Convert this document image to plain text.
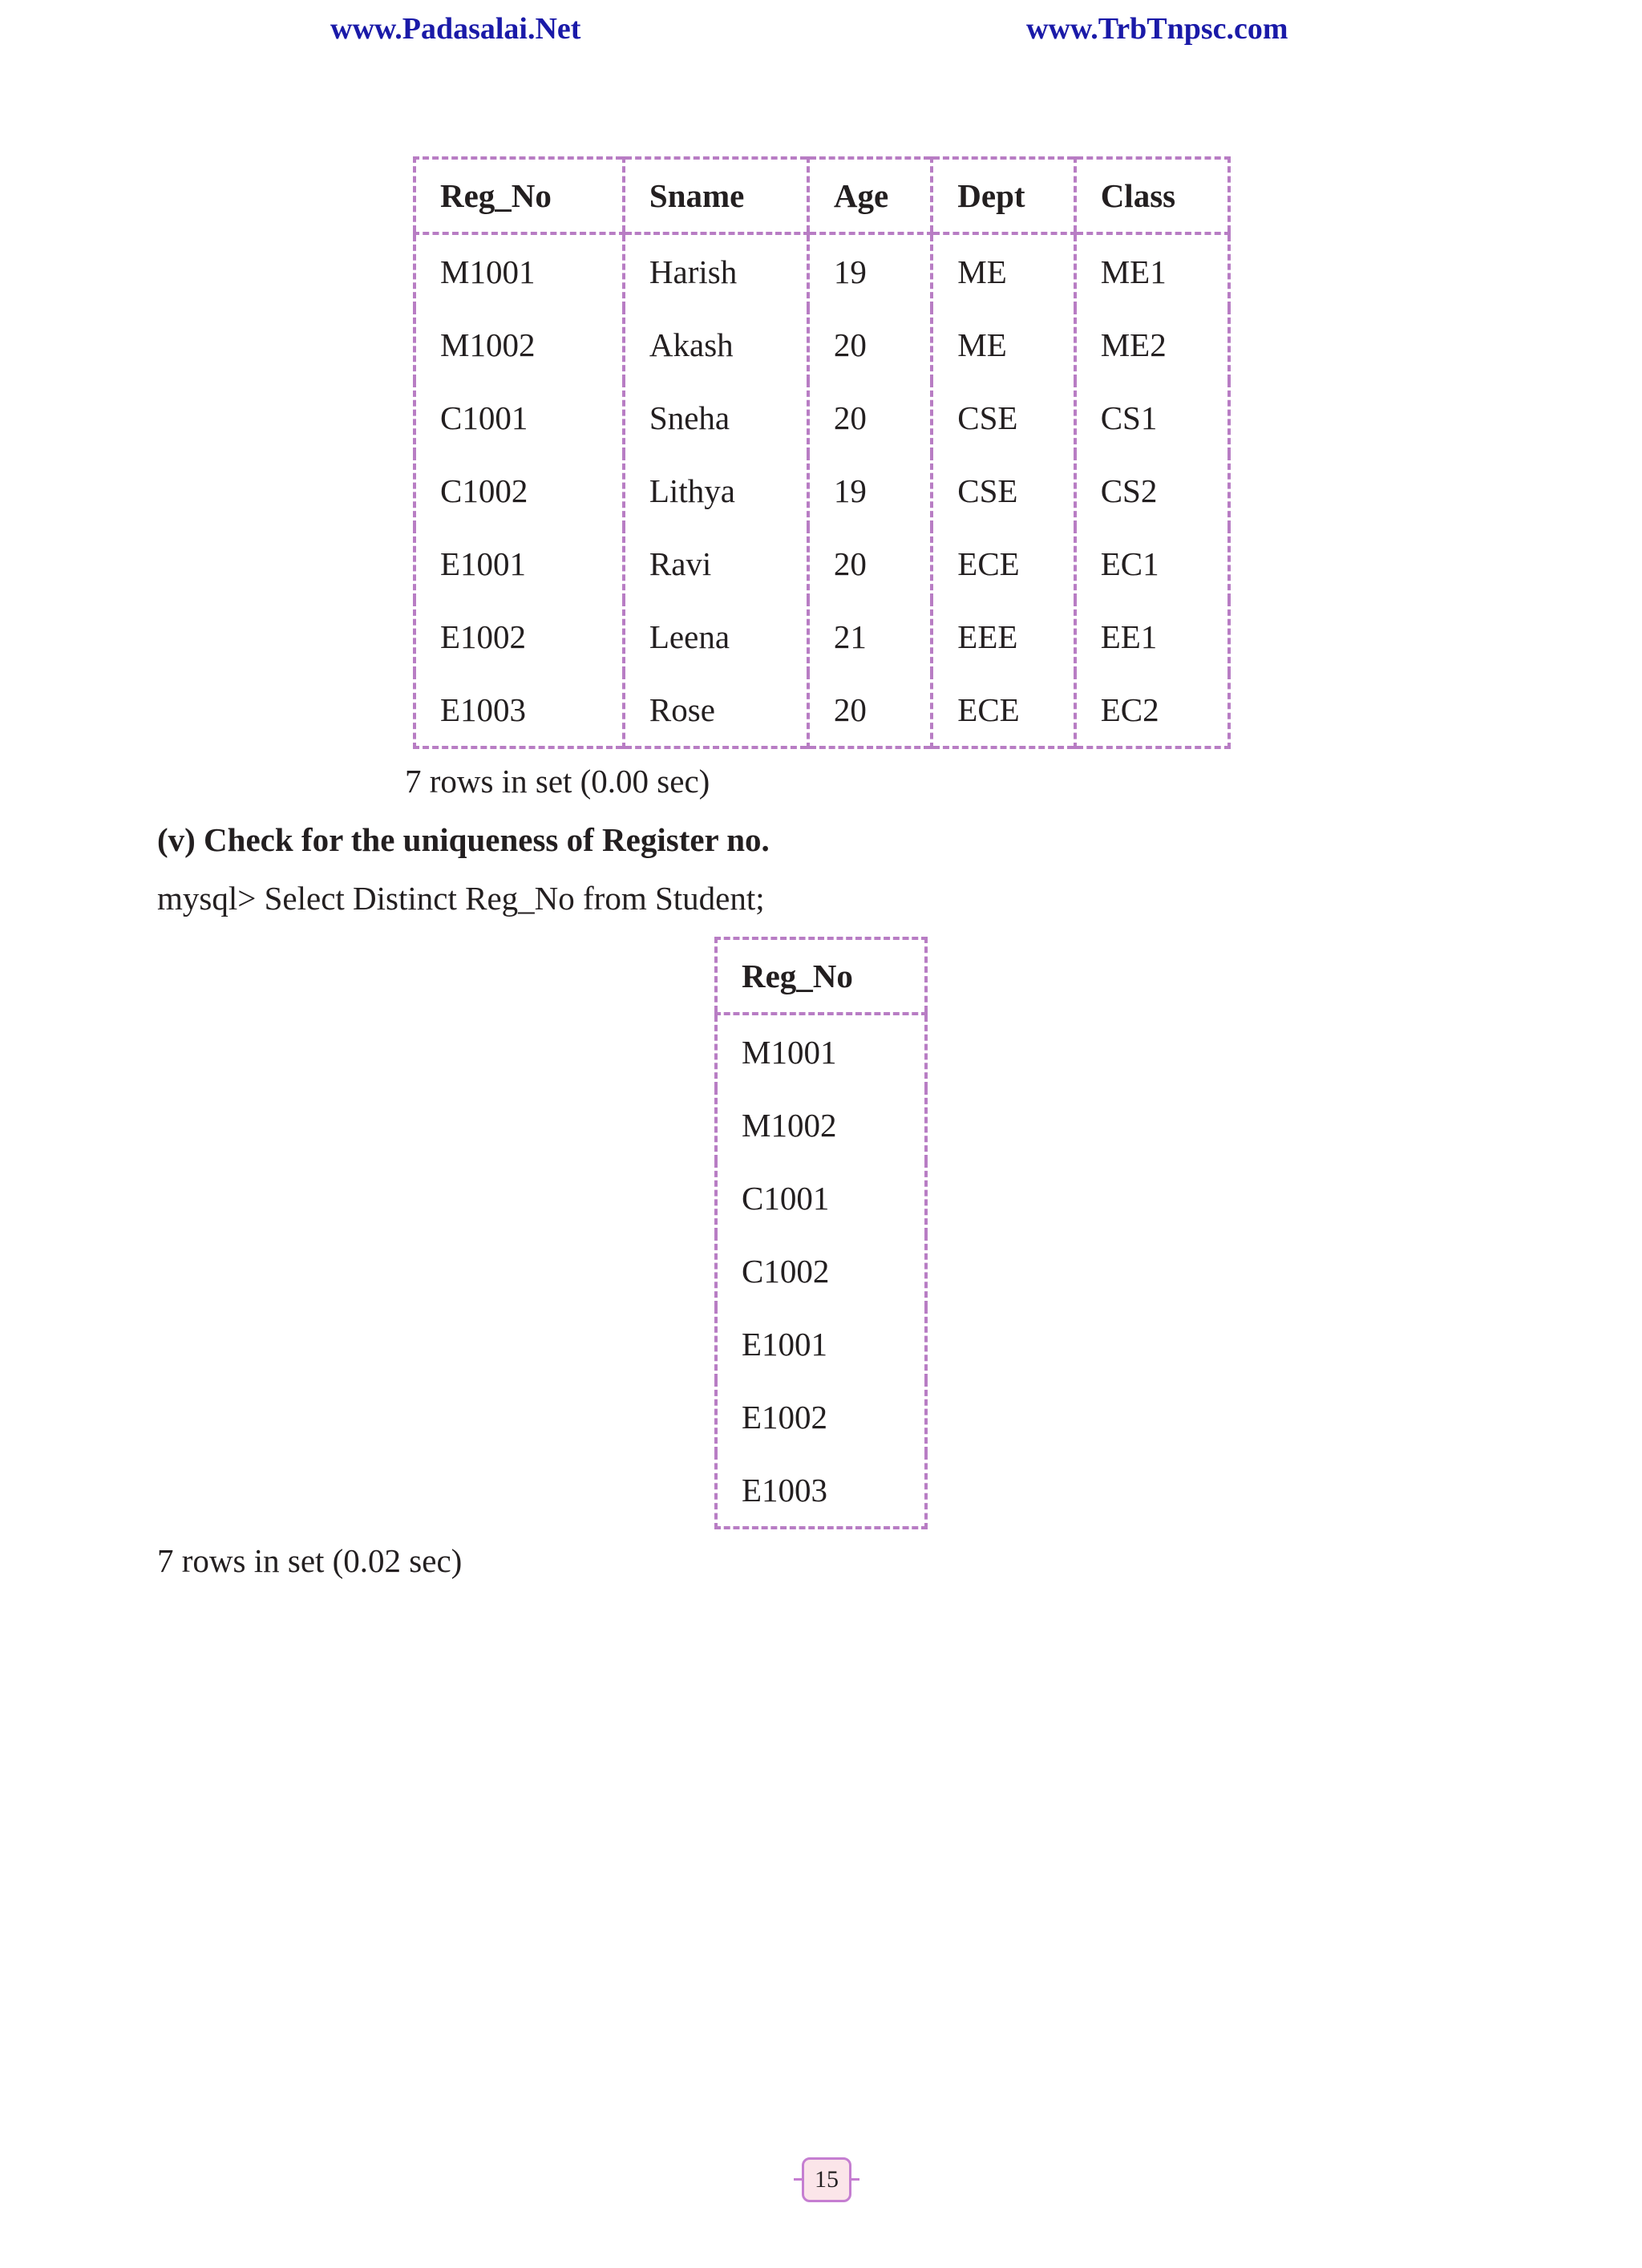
www.Padasalai.Net	www.TrbTnpsc.com
Reg_No	Sname	Age	Dept	Class
M1001	Harish	19	ME	ME1
M1002	Akash	20	ME	ME2
C1001	Sneha	20	CSE	CS1
C1002	Lithya	19	CSE	CS2
E1001	Ravi	20	ECE	EC1
E1002	Leena	21	EEE	EE1
E1003	Rose	20	ECE	EC2
7 rows in set (0.00 sec)
(v) Check for the uniqueness of Register no.
mysql> Select Distinct Reg_No from Student;
Reg_No
M1001
M1002
C1001
C1002
E1001
E1002
E1003
7 rows in set (0.02 sec)
15
